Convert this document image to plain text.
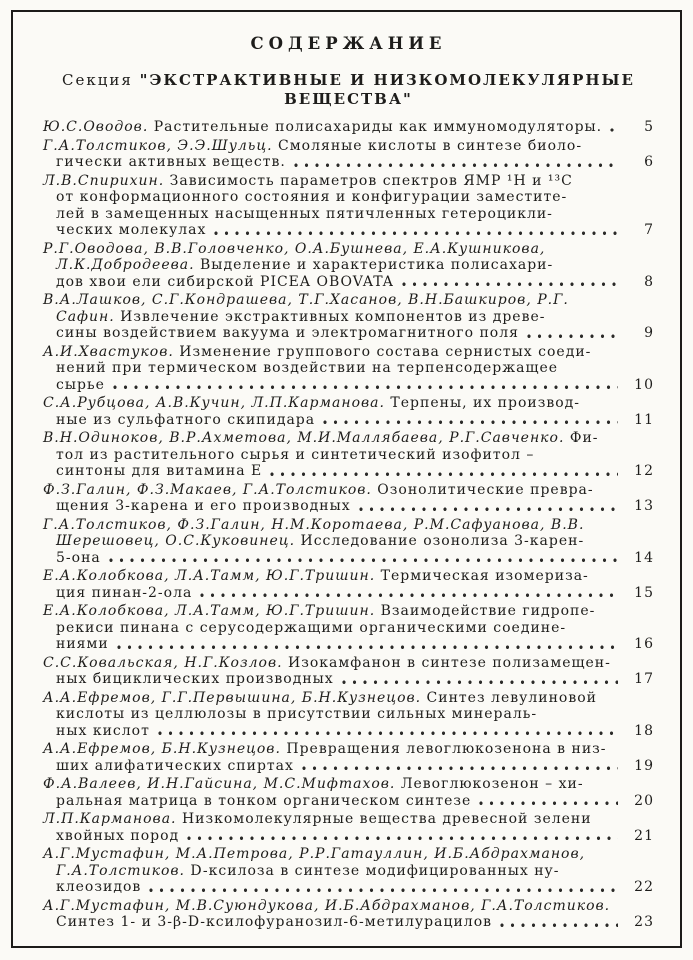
СОДЕРЖАНИЕ
Секция "ЭКСТРАКТИВНЫЕ И НИЗКОМОЛЕКУЛЯРНЫЕ
ВЕЩЕСТВА"
Ю.С.Оводов. Растительные полисахариды как иммуномодуляторы.	5
Г.А.Толстиков, Э.Э.Шульц. Смоляные кислоты в синтезе биоло-
гически активных веществ.	6
Л.В.Спирихин. Зависимость параметров спектров ЯМР ¹H и ¹³C
от конформационного состояния и конфигурации заместите-
лей в замещенных насыщенных пятичленных гетероцикли-
ческих молекулах	7
Р.Г.Оводова, В.В.Головченко, О.А.Бушнева, Е.А.Кушникова,
Л.К.Добродеева. Выделение и характеристика полисахари-
дов хвои ели сибирской PICEA OBOVATA	8
В.А.Лашков, С.Г.Кондрашева, Т.Г.Хасанов, В.Н.Башкиров, Р.Г.
Сафин. Извлечение экстрактивных компонентов из древе-
сины воздействием вакуума и электромагнитного поля	9
А.И.Хвастуков. Изменение группового состава сернистых соеди-
нений при термическом воздействии на терпенсодержащее
сырье	10
С.А.Рубцова, А.В.Кучин, Л.П.Карманова. Терпены, их производ-
ные из сульфатного скипидара	11
В.Н.Одиноков, В.Р.Ахметова, М.И.Маллябаева, Р.Г.Савченко. Фи-
тол из растительного сырья и синтетический изофитол –
синтоны для витамина Е	12
Ф.З.Галин, Ф.З.Макаев, Г.А.Толстиков. Озонолитические превра-
щения 3-карена и его производных	13
Г.А.Толстиков, Ф.З.Галин, Н.М.Коротаева, Р.М.Сафуанова, В.В.
Шерешовец, О.С.Куковинец. Исследование озонолиза 3-карен-
5-она	14
Е.А.Колобкова, Л.А.Тамм, Ю.Г.Тришин. Термическая изомериза-
ция пинан-2-ола	15
Е.А.Колобкова, Л.А.Тамм, Ю.Г.Тришин. Взаимодействие гидропе-
рекиси пинана с серусодержащими органическими соедине-
ниями	16
С.С.Ковальская, Н.Г.Козлов. Изокамфанон в синтезе полизамещен-
ных бициклических производных	17
А.А.Ефремов, Г.Г.Первышина, Б.Н.Кузнецов. Синтез левулиновой
кислоты из целлюлозы в присутствии сильных минераль-
ных кислот	18
А.А.Ефремов, Б.Н.Кузнецов. Превращения левоглюкозенона в низ-
ших алифатических спиртах	19
Ф.А.Валеев, И.Н.Гайсина, М.С.Мифтахов. Левоглюкозенон – хи-
ральная матрица в тонком органическом синтезе	20
Л.П.Карманова. Низкомолекулярные вещества древесной зелени
хвойных пород	21
А.Г.Мустафин, М.А.Петрова, Р.Р.Гатауллин, И.Б.Абдрахманов,
Г.А.Толстиков. D-ксилоза в синтезе модифицированных ну-
клеозидов	22
А.Г.Мустафин, М.В.Суюндукова, И.Б.Абдрахманов, Г.А.Толстиков.
Синтез 1- и 3-β-D-ксилофуранозил-6-метилурацилов	23
